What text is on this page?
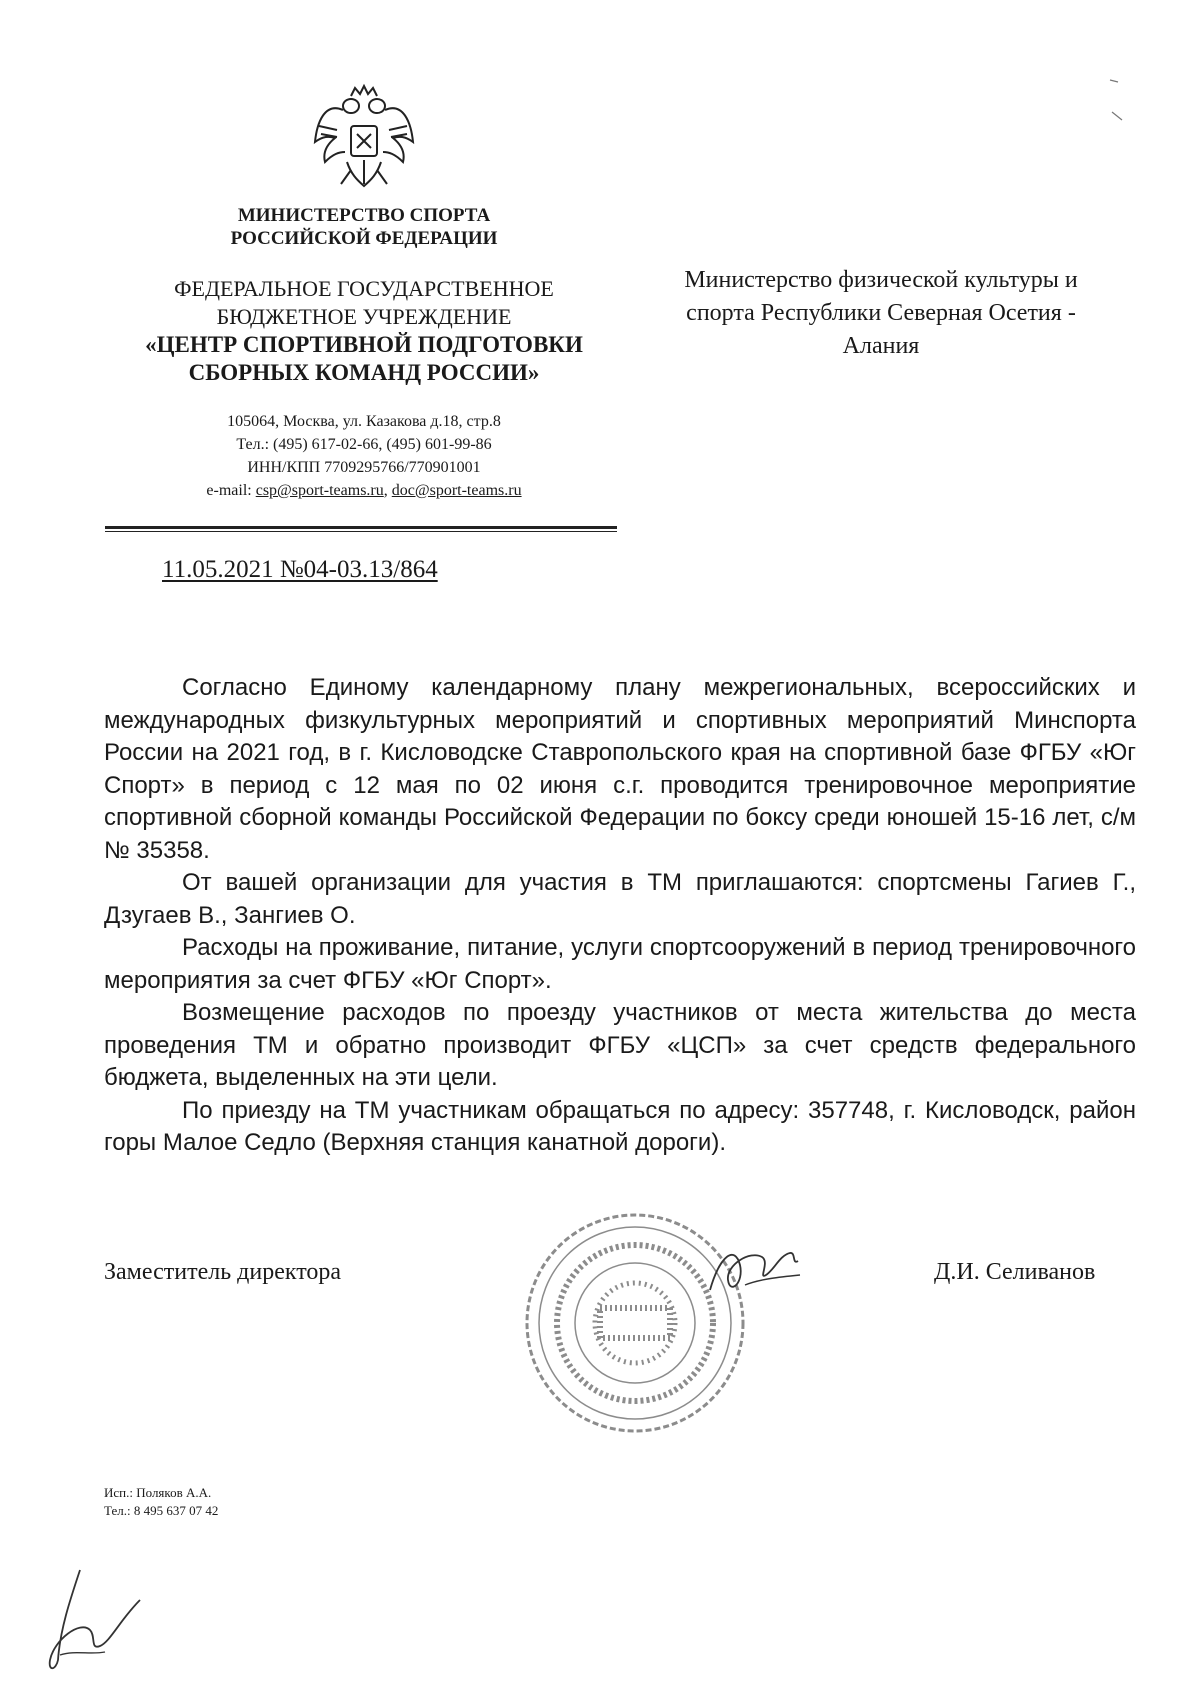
МИНИСТЕРСТВО СПОРТА
РОССИЙСКОЙ ФЕДЕРАЦИИ
ФЕДЕРАЛЬНОЕ ГОСУДАРСТВЕННОЕ
БЮДЖЕТНОЕ УЧРЕЖДЕНИЕ
«ЦЕНТР СПОРТИВНОЙ ПОДГОТОВКИ
СБОРНЫХ КОМАНД РОССИИ»
105064, Москва, ул. Казакова д.18, стр.8
Тел.: (495) 617-02-66, (495) 601-99-86
ИНН/КПП 7709295766/770901001
e-mail: csp@sport-teams.ru, doc@sport-teams.ru
11.05.2021 №04-03.13/864
Министерство физической культуры и
спорта Республики Северная Осетия -
Алания

Согласно Единому календарному плану межрегиональных, всероссийских и международных физкультурных мероприятий и спортивных мероприятий Минспорта России на 2021 год, в г. Кисловодске Ставропольского края на спортивной базе ФГБУ «Юг Спорт» в период с 12 мая по 02 июня с.г. проводится тренировочное мероприятие спортивной сборной команды Российской Федерации по боксу среди юношей 15-16 лет, с/м № 35358.

От вашей организации для участия в ТМ приглашаются: спортсмены Гагиев Г., Дзугаев В., Зангиев О.

Расходы на проживание, питание, услуги спортсооружений в период тренировочного мероприятия за счет ФГБУ «Юг Спорт».

Возмещение расходов по проезду участников от места жительства до места проведения ТМ и обратно производит ФГБУ «ЦСП» за счет средств федерального бюджета, выделенных на эти цели.

По приезду на ТМ участникам обращаться по адресу: 357748, г. Кисловодск, район горы Малое Седло (Верхняя станция канатной дороги).

Заместитель директора	Д.И. Селиванов
Исп.: Поляков А.А.
Тел.: 8 495 637 07 42
